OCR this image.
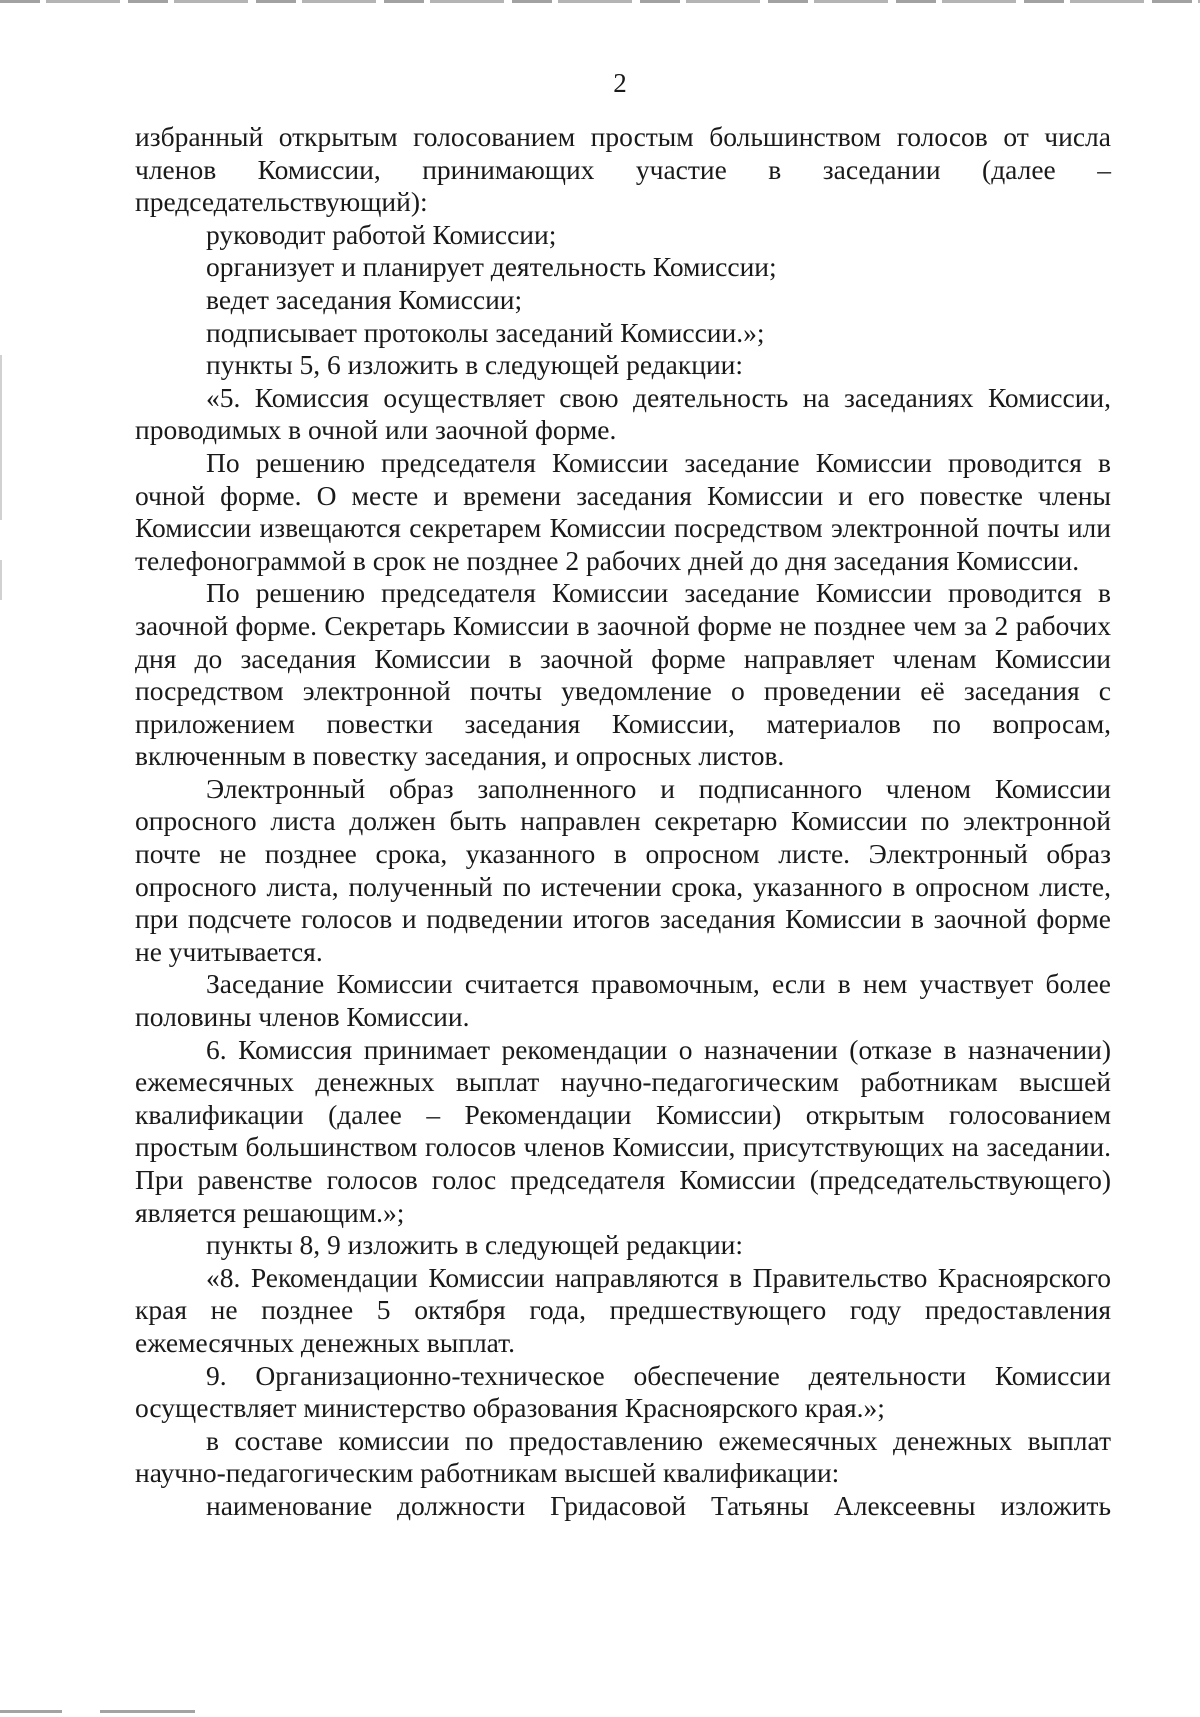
2

избранный открытым голосованием простым большинством голосов от числа членов Комиссии, принимающих участие в заседании (далее – председательствующий):

руководит работой Комиссии;

организует и планирует деятельность Комиссии;

ведет заседания Комиссии;

подписывает протоколы заседаний Комиссии.»;

пункты 5, 6 изложить в следующей редакции:

«5. Комиссия осуществляет свою деятельность на заседаниях Комиссии, проводимых в очной или заочной форме.

По решению председателя Комиссии заседание Комиссии проводится в очной форме. О месте и времени заседания Комиссии и его повестке члены Комиссии извещаются секретарем Комиссии посредством электронной почты или телефонограммой в срок не позднее 2 рабочих дней до дня заседания Комиссии.

По решению председателя Комиссии заседание Комиссии проводится в заочной форме. Секретарь Комиссии в заочной форме не позднее чем за 2 рабочих дня до заседания Комиссии в заочной форме направляет членам Комиссии посредством электронной почты уведомление о проведении её заседания с приложением повестки заседания Комиссии, материалов по вопросам, включенным в повестку заседания, и опросных листов.

Электронный образ заполненного и подписанного членом Комиссии опросного листа должен быть направлен секретарю Комиссии по электронной почте не позднее срока, указанного в опросном листе. Электронный образ опросного листа, полученный по истечении срока, указанного в опросном листе, при подсчете голосов и подведении итогов заседания Комиссии в заочной форме не учитывается.

Заседание Комиссии считается правомочным, если в нем участвует более половины членов Комиссии.

6. Комиссия принимает рекомендации о назначении (отказе в назначении) ежемесячных денежных выплат научно-педагогическим работникам высшей квалификации (далее – Рекомендации Комиссии) открытым голосованием простым большинством голосов членов Комиссии, присутствующих на заседании. При равенстве голосов голос председателя Комиссии (председательствующего) является решающим.»;

пункты 8, 9 изложить в следующей редакции:

«8. Рекомендации Комиссии направляются в Правительство Красноярского края не позднее 5 октября года, предшествующего году предоставления ежемесячных денежных выплат.

9. Организационно-техническое обеспечение деятельности Комиссии осуществляет министерство образования Красноярского края.»;

в составе комиссии по предоставлению ежемесячных денежных выплат научно-педагогическим работникам высшей квалификации:

наименование должности Гридасовой Татьяны Алексеевны изложить
